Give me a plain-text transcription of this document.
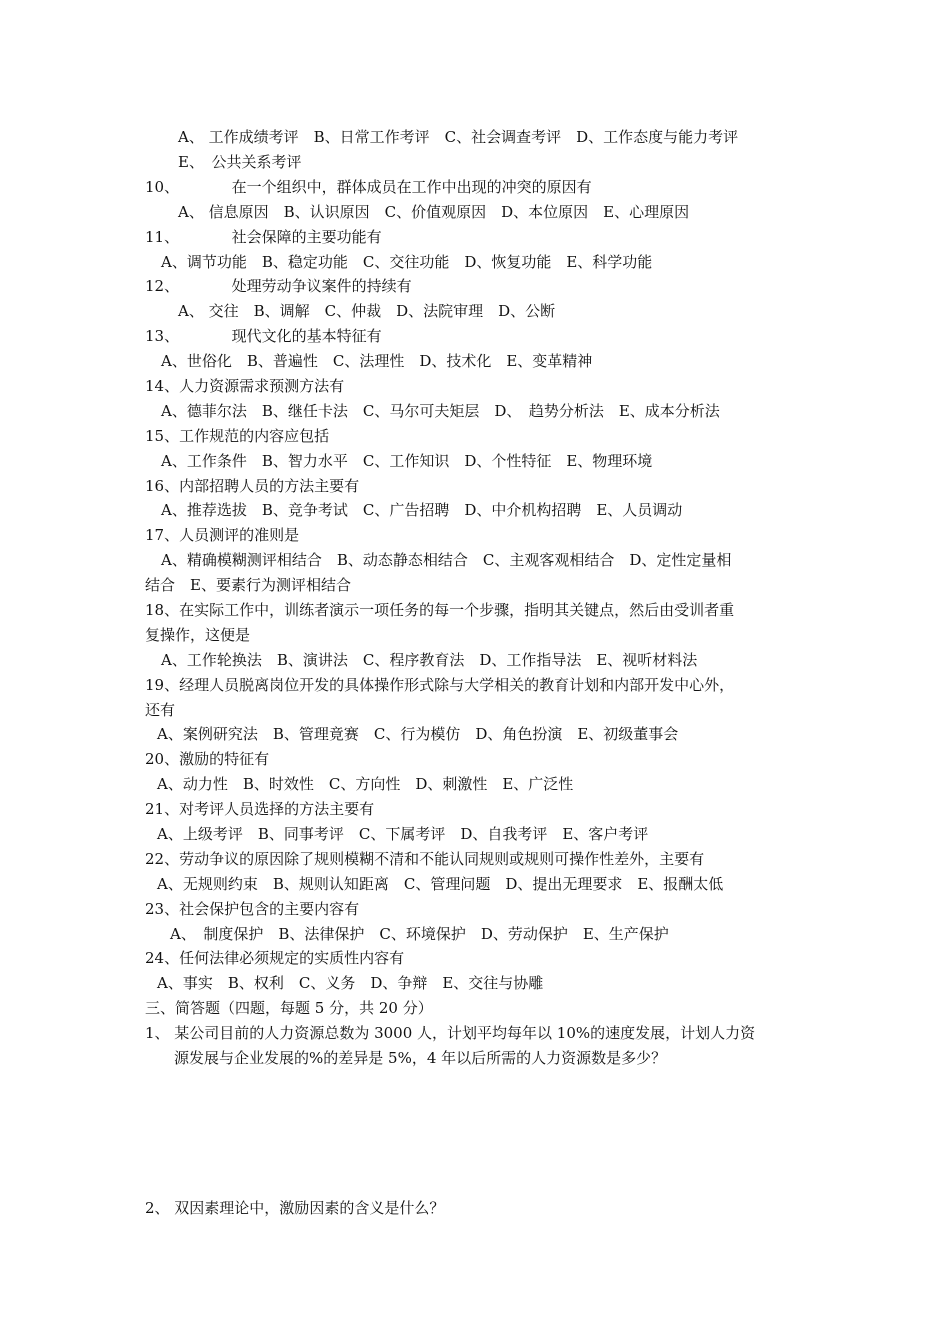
A、 工作成绩考评　B、日常工作考评　C、社会调查考评　D、工作态度与能力考评
E、　公共关系考评
10、　　　　在一个组织中，群体成员在工作中出现的冲突的原因有
A、 信息原因　B、认识原因　C、价值观原因　D、本位原因　E、心理原因
11、　　　　社会保障的主要功能有
A、调节功能　B、稳定功能　C、交往功能　D、恢复功能　E、科学功能
12、　　　　处理劳动争议案件的持续有
A、 交往　B、调解　C、仲裁　D、法院审理　D、公断
13、　　　　现代文化的基本特征有
A、世俗化　B、普遍性　C、法理性　D、技术化　E、变革精神
14、人力资源需求预测方法有
A、德菲尔法　B、继任卡法　C、马尔可夫矩层　D、　趋势分析法　E、成本分析法
15、工作规范的内容应包括
A、工作条件　B、智力水平　C、工作知识　D、个性特征　E、物理环境
16、内部招聘人员的方法主要有
A、推荐选拔　B、竞争考试　C、广告招聘　D、中介机构招聘　E、人员调动
17、人员测评的准则是
A、精确模糊测评相结合　B、动态静态相结合　C、主观客观相结合　D、定性定量相
结合　E、要素行为测评相结合
18、在实际工作中，训练者演示一项任务的每一个步骤，指明其关键点，然后由受训者重
复操作，这便是
A、工作轮换法　B、演讲法　C、程序教育法　D、工作指导法　E、视听材料法
19、经理人员脱离岗位开发的具体操作形式除与大学相关的教育计划和内部开发中心外，
还有
A、案例研究法　B、管理竟赛　C、行为模仿　D、角色扮演　E、初级董事会
20、激励的特征有
A、动力性　B、时效性　C、方向性　D、刺激性　E、广泛性
21、对考评人员选择的方法主要有
A、上级考评　B、同事考评　C、下属考评　D、自我考评　E、客户考评
22、劳动争议的原因除了规则模糊不清和不能认同规则或规则可操作性差外，主要有
A、无规则约束　B、规则认知距离　C、管理问题　D、提出无理要求　E、报酬太低
23、社会保护包含的主要内容有
A、　制度保护　B、法律保护　C、环境保护　D、劳动保护　E、生产保护
24、任何法律必须规定的实质性内容有
A、事实　B、权利　C、义务　D、争辩　E、交往与协雕
三、简答题（四题，每题 5 分，共 20 分）
1、 某公司目前的人力资源总数为 3000 人，计划平均每年以 10%的速度发展，计划人力资
源发展与企业发展的%的差异是 5%，4 年以后所需的人力资源数是多少？
2、 双因素理论中，激励因素的含义是什么？
